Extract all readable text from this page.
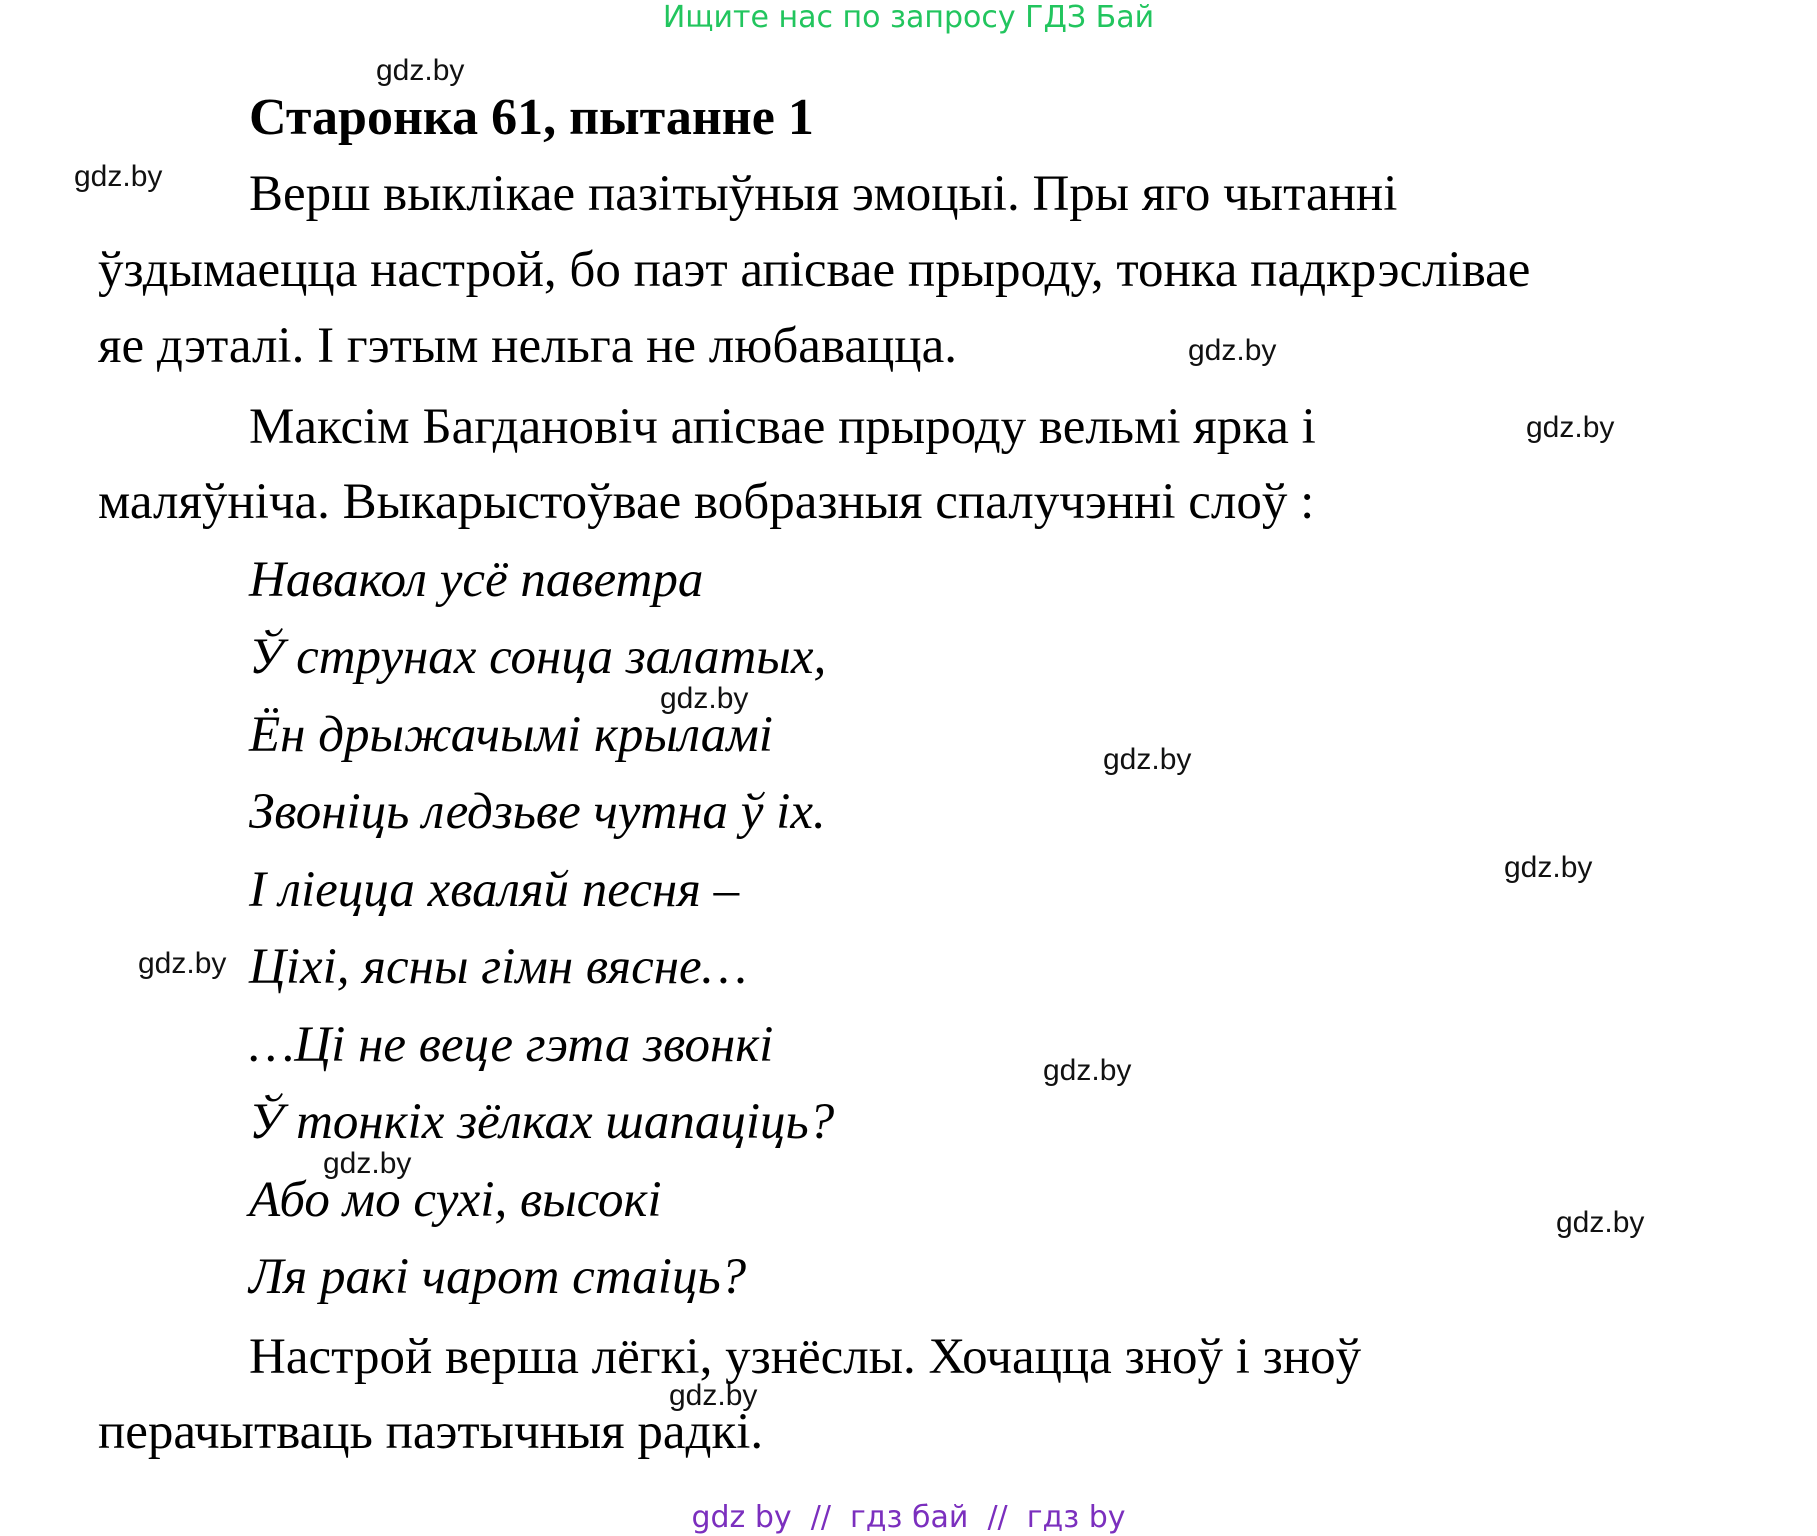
Ищите нас по запросу ГДЗ Бай
Старонка 61, пытанне 1
Верш выклікае пазітыўныя эмоцыі. Пры яго чытанні
ўздымаецца настрой, бо паэт апісвае прыроду, тонка падкрэслівае
яе дэталі. І гэтым нельга не любавацца.
Максім Багдановіч апісвае прыроду вельмі ярка і
маляўніча. Выкарыстоўвае вобразныя спалучэнні слоў :
Навакол усё паветра
Ў струнах сонца залатых,
Ён дрыжачымі крыламі
Звоніць ледзьве чутна ў іх.
І ліецца хваляй песня –
Ціхі, ясны гімн вясне…
…Ці не веце гэта звонкі
Ў тонкіх зёлках шапаціць?
Або мо сухі, высокі
Ля ракі чарот стаіць?
Настрой верша лёгкі, узнёслы. Хочацца зноў і зноў
перачытваць паэтычныя радкі.
gdz.by
gdz.by
gdz.by
gdz.by
gdz.by
gdz.by
gdz.by
gdz.by
gdz.by
gdz.by
gdz.by
gdz.by
gdz by  //  гдз бай  //  гдз by
